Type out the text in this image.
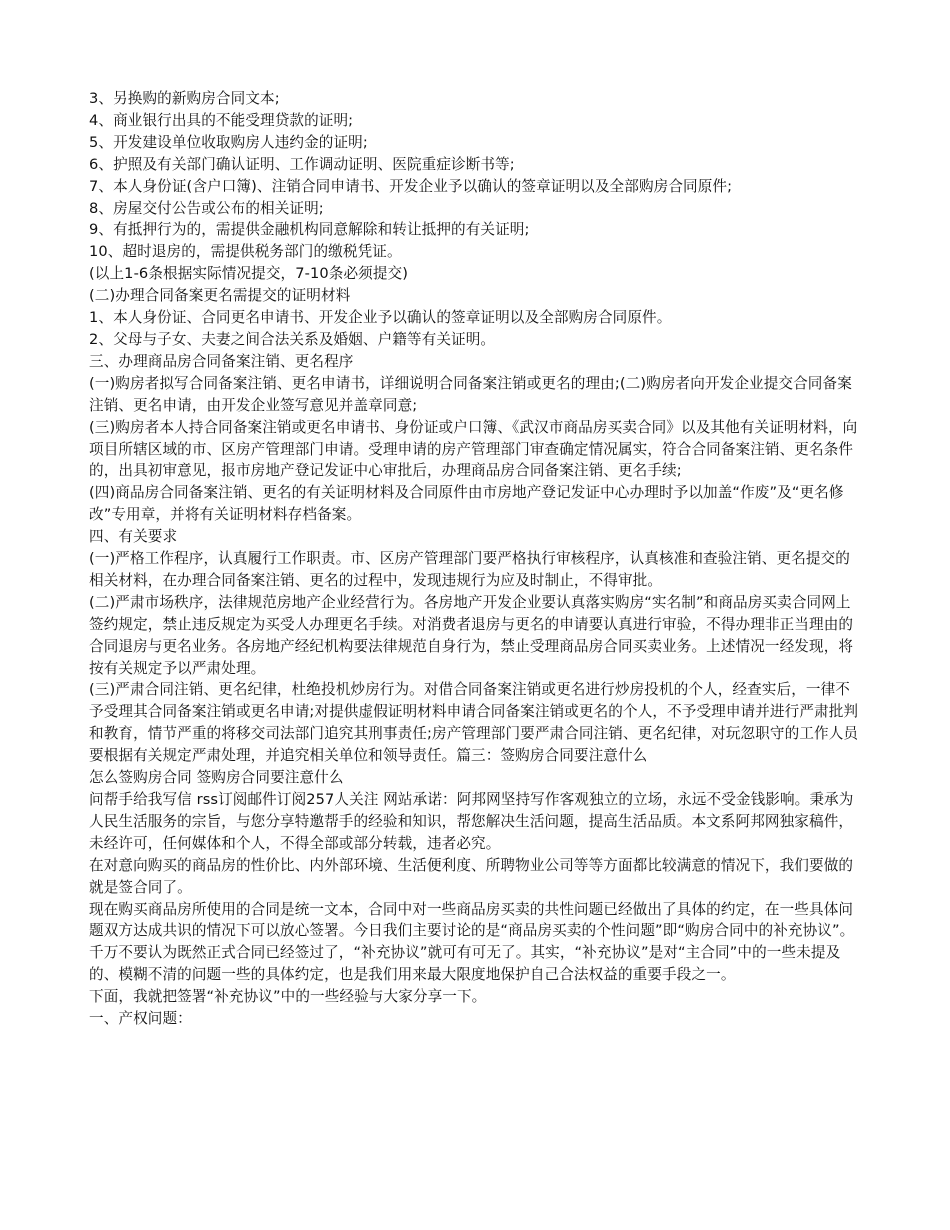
3、另换购的新购房合同文本;

4、商业银行出具的不能受理贷款的证明;

5、开发建设单位收取购房人违约金的证明;

6、护照及有关部门确认证明、工作调动证明、医院重症诊断书等;

7、本人身份证(含户口簿)、注销合同申请书、开发企业予以确认的签章证明以及全部购房合同原件;

8、房屋交付公告或公布的相关证明;

9、有抵押行为的，需提供金融机构同意解除和转让抵押的有关证明;

10、超时退房的，需提供税务部门的缴税凭证。

(以上1-6条根据实际情况提交，7-10条必须提交)

(二)办理合同备案更名需提交的证明材料

1、本人身份证、合同更名申请书、开发企业予以确认的签章证明以及全部购房合同原件。

2、父母与子女、夫妻之间合法关系及婚姻、户籍等有关证明。

三、办理商品房合同备案注销、更名程序

(一)购房者拟写合同备案注销、更名申请书，详细说明合同备案注销或更名的理由;(二)购房者向开发企业提交合同备案注销、更名申请，由开发企业签写意见并盖章同意;

(三)购房者本人持合同备案注销或更名申请书、身份证或户口簿、《武汉市商品房买卖合同》以及其他有关证明材料，向项目所辖区域的市、区房产管理部门申请。受理申请的房产管理部门审查确定情况属实，符合合同备案注销、更名条件的，出具初审意见，报市房地产登记发证中心审批后，办理商品房合同备案注销、更名手续;

(四)商品房合同备案注销、更名的有关证明材料及合同原件由市房地产登记发证中心办理时予以加盖“作废”及“更名修改”专用章，并将有关证明材料存档备案。

四、有关要求

(一)严格工作程序，认真履行工作职责。市、区房产管理部门要严格执行审核程序，认真核准和查验注销、更名提交的相关材料，在办理合同备案注销、更名的过程中，发现违规行为应及时制止，不得审批。

(二)严肃市场秩序，法律规范房地产企业经营行为。各房地产开发企业要认真落实购房“实名制”和商品房买卖合同网上签约规定，禁止违反规定为买受人办理更名手续。对消费者退房与更名的申请要认真进行审验，不得办理非正当理由的合同退房与更名业务。各房地产经纪机构要法律规范自身行为，禁止受理商品房合同买卖业务。上述情况一经发现，将按有关规定予以严肃处理。

(三)严肃合同注销、更名纪律，杜绝投机炒房行为。对借合同备案注销或更名进行炒房投机的个人，经查实后，一律不予受理其合同备案注销或更名申请;对提供虚假证明材料申请合同备案注销或更名的个人，不予受理申请并进行严肃批判和教育，情节严重的将移交司法部门追究其刑事责任;房产管理部门要严肃合同注销、更名纪律，对玩忽职守的工作人员要根据有关规定严肃处理，并追究相关单位和领导责任。篇三：签购房合同要注意什么

怎么签购房合同 签购房合同要注意什么

问帮手给我写信 rss订阅邮件订阅257人关注 网站承诺：阿邦网坚持写作客观独立的立场，永远不受金钱影响。秉承为人民生活服务的宗旨，与您分享特邀帮手的经验和知识，帮您解决生活问题，提高生活品质。本文系阿邦网独家稿件，未经许可，任何媒体和个人，不得全部或部分转载，违者必究。

在对意向购买的商品房的性价比、内外部环境、生活便利度、所聘物业公司等等方面都比较满意的情况下，我们要做的就是签合同了。

现在购买商品房所使用的合同是统一文本，合同中对一些商品房买卖的共性问题已经做出了具体的约定，在一些具体问题双方达成共识的情况下可以放心签署。今日我们主要讨论的是“商品房买卖的个性问题”即“购房合同中的补充协议”。千万不要认为既然正式合同已经签过了，“补充协议”就可有可无了。其实，“补充协议”是对“主合同”中的一些未提及的、模糊不清的问题一些的具体约定，也是我们用来最大限度地保护自己合法权益的重要手段之一。

下面，我就把签署“补充协议”中的一些经验与大家分享一下。

一、产权问题：
